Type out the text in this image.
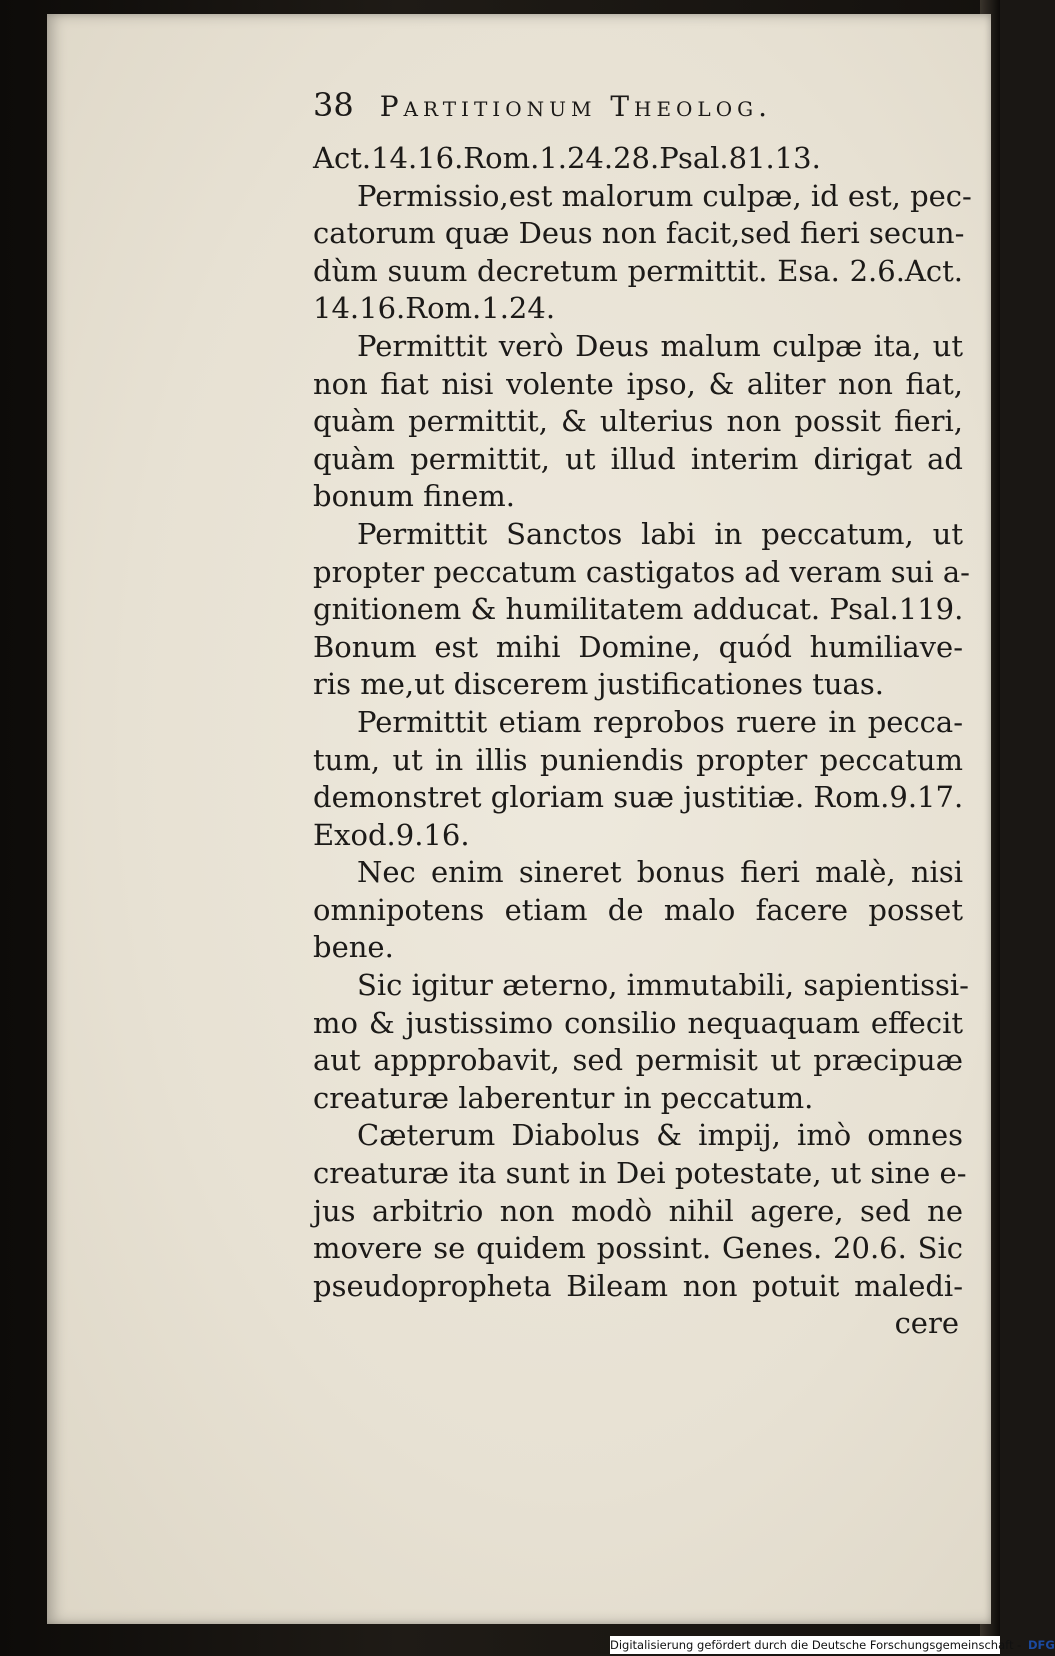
38 Partitionum Theolog.
Act.14.16.Rom.1.24.28.Psal.81.13.
Permissio,est malorum culpæ, id est, pec-
catorum quæ Deus non facit,sed fieri secun-
dùm suum decretum permittit. Esa. 2.6.Act.
14.16.Rom.1.24.
Permittit verò Deus malum culpæ ita, ut
non fiat nisi volente ipso, & aliter non fiat,
quàm permittit, & ulterius non possit fieri,
quàm permittit, ut illud interim dirigat ad
bonum finem.
Permittit Sanctos labi in peccatum, ut
propter peccatum castigatos ad veram sui a-
gnitionem & humilitatem adducat. Psal.119.
Bonum est mihi Domine, quód humiliave-
ris me,ut discerem justificationes tuas.
Permittit etiam reprobos ruere in pecca-
tum, ut in illis puniendis propter peccatum
demonstret gloriam suæ justitiæ. Rom.9.17.
Exod.9.16.
Nec enim sineret bonus fieri malè, nisi
omnipotens etiam de malo facere posset
bene.
Sic igitur æterno, immutabili, sapientissi-
mo & justissimo consilio nequaquam effecit
aut appprobavit, sed permisit ut præcipuæ
creaturæ laberentur in peccatum.
Cæterum Diabolus & impij, imò omnes
creaturæ ita sunt in Dei potestate, ut sine e-
jus arbitrio non modò nihil agere, sed ne
movere se quidem possint. Genes. 20.6. Sic
pseudopropheta Bileam non potuit maledi-
cere
Digitalisierung gefördert durch die Deutsche Forschungsgemeinschaft - DFG
